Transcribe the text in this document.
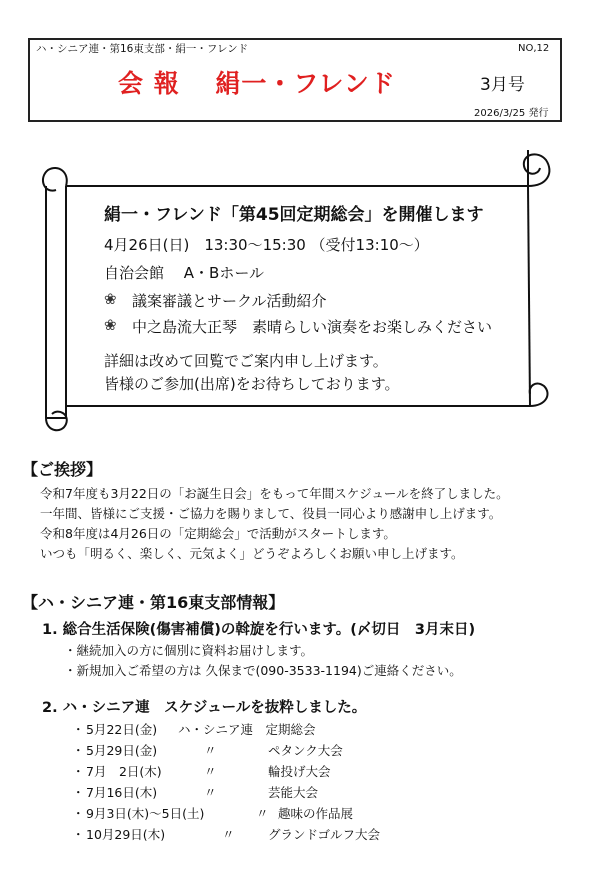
ハ・シニア連・第16東支部・絹一・フレンド	NO,12
会 報　 絹一・フレンド	3月号
2026/3/25 発行
絹一・フレンド「第45回定期総会」を開催します
4月26日(日)　13:30～15:30 （受付13:10～）
自治会館　 A・Bホール
❀ 議案審議とサークル活動紹介
❀ 中之島流大正琴　素晴らしい演奏をお楽しみください
詳細は改めて回覧でご案内申し上げます。
皆様のご参加(出席)をお待ちしております。
【ご挨拶】
令和7年度も3月22日の「お誕生日会」をもって年間スケジュールを終了しました。
一年間、皆様にご支援・ご協力を賜りまして、役員一同心より感謝申し上げます。
令和8年度は4月26日の「定期総会」で活動がスタートします。
いつも「明るく、楽しく、元気よく」どうぞよろしくお願い申し上げます。
【ハ・シニア連・第16東支部情報】
1. 総合生活保険(傷害補償)の斡旋を行います。(〆切日　3月末日)
・継続加入の方に個別に資料お届けします。
・新規加入ご希望の方は 久保まで(090-3533-1194)ご連絡ください。
2. ハ・シニア連　スケジュールを抜粋しました。
・ 5月22日(金) ハ・シニア連　定期総会
・ 5月29日(金)	〃	ペタンク大会
・ 7月　2日(木)	〃	輪投げ大会
・ 7月16日(木)	〃	芸能大会
・ 9月3日(木)～5日(土)	〃 趣味の作品展
・ 10月29日(木)	〃	グランドゴルフ大会
